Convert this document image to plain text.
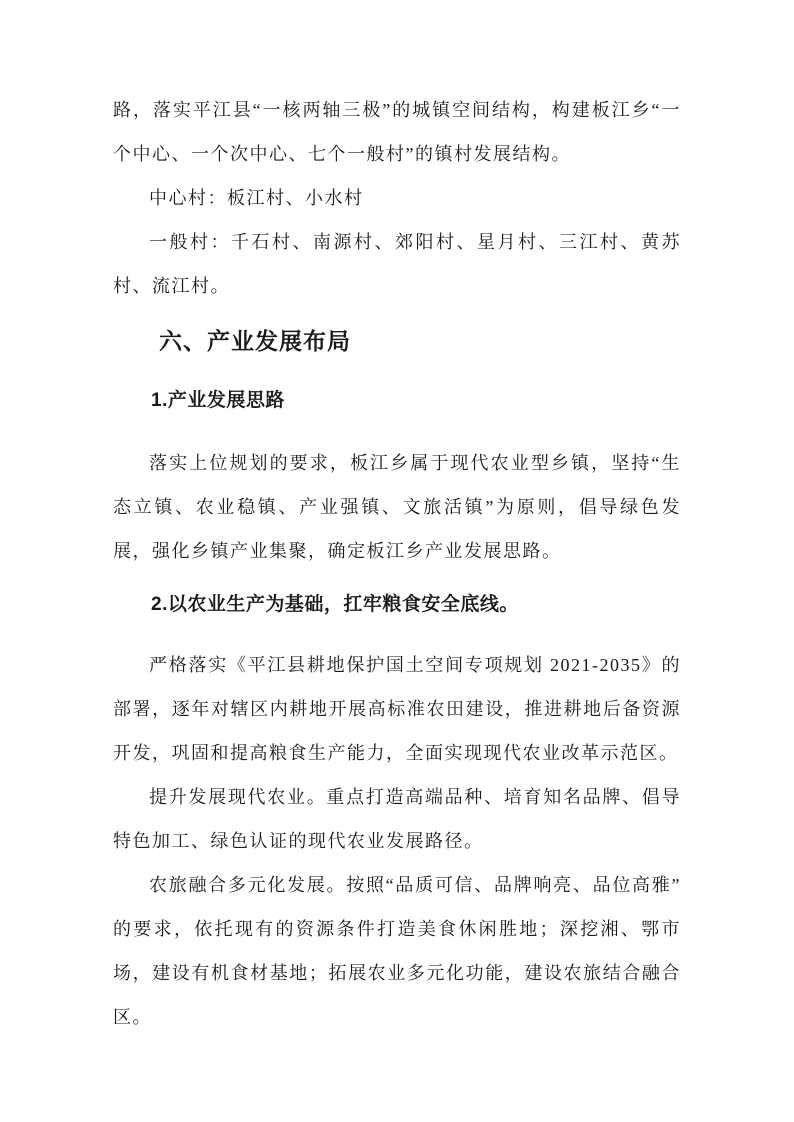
路，落实平江县“一核两轴三极”的城镇空间结构，构建板江乡“一个中心、一个次中心、七个一般村”的镇村发展结构。

中心村：板江村、小水村

一般村：千石村、南源村、郊阳村、星月村、三江村、黄苏村、流江村。

六、产业发展布局
1.产业发展思路

落实上位规划的要求，板江乡属于现代农业型乡镇，坚持“生态立镇、农业稳镇、产业强镇、文旅活镇”为原则，倡导绿色发展，强化乡镇产业集聚，确定板江乡产业发展思路。

2.以农业生产为基础，扛牢粮食安全底线。

严格落实《平江县耕地保护国土空间专项规划 2021-2035》的部署，逐年对辖区内耕地开展高标准农田建设，推进耕地后备资源开发，巩固和提高粮食生产能力，全面实现现代农业改革示范区。

提升发展现代农业。重点打造高端品种、培育知名品牌、倡导特色加工、绿色认证的现代农业发展路径。

农旅融合多元化发展。按照“品质可信、品牌响亮、品位高雅”的要求，依托现有的资源条件打造美食休闲胜地；深挖湘、鄂市场，建设有机食材基地；拓展农业多元化功能，建设农旅结合融合区。
